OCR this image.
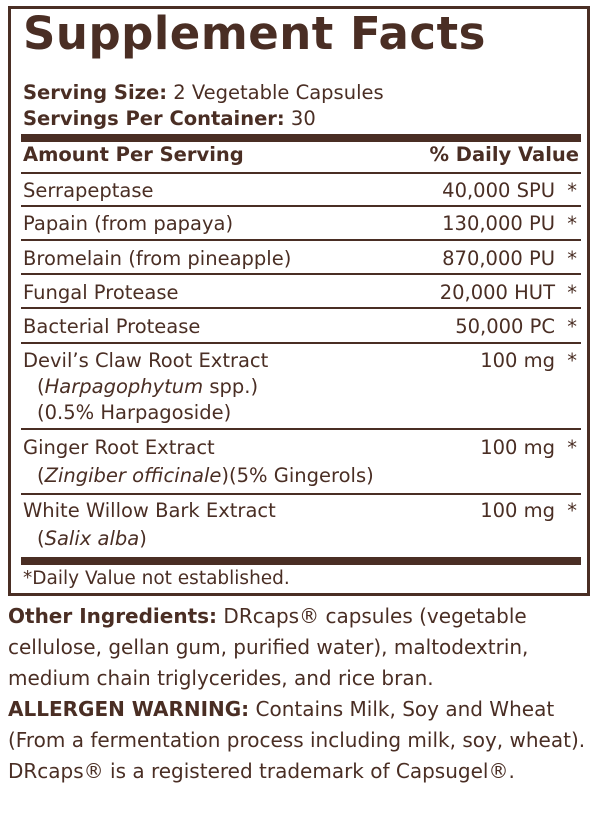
Supplement Facts
Serving Size: 2 Vegetable Capsules
Servings Per Container: 30
Amount Per Serving	% Daily Value
Serrapeptase	40,000 SPU *
Papain (from papaya)	130,000 PU *
Bromelain (from pineapple)	870,000 PU *
Fungal Protease	20,000 HUT *
Bacterial Protease	50,000 PC *
Devil’s Claw Root Extract	100 mg *
(Harpagophytum spp.)
(0.5% Harpagoside)
Ginger Root Extract	100 mg *
(Zingiber officinale)(5% Gingerols)
White Willow Bark Extract	100 mg *
(Salix alba)
*Daily Value not established.

Other Ingredients: DRcaps® capsules (vegetable cellulose, gellan gum, purified water), maltodextrin, medium chain triglycerides, and rice bran.

ALLERGEN WARNING: Contains Milk, Soy and Wheat (From a fermentation process including milk, soy, wheat).

DRcaps® is a registered trademark of Capsugel®.
